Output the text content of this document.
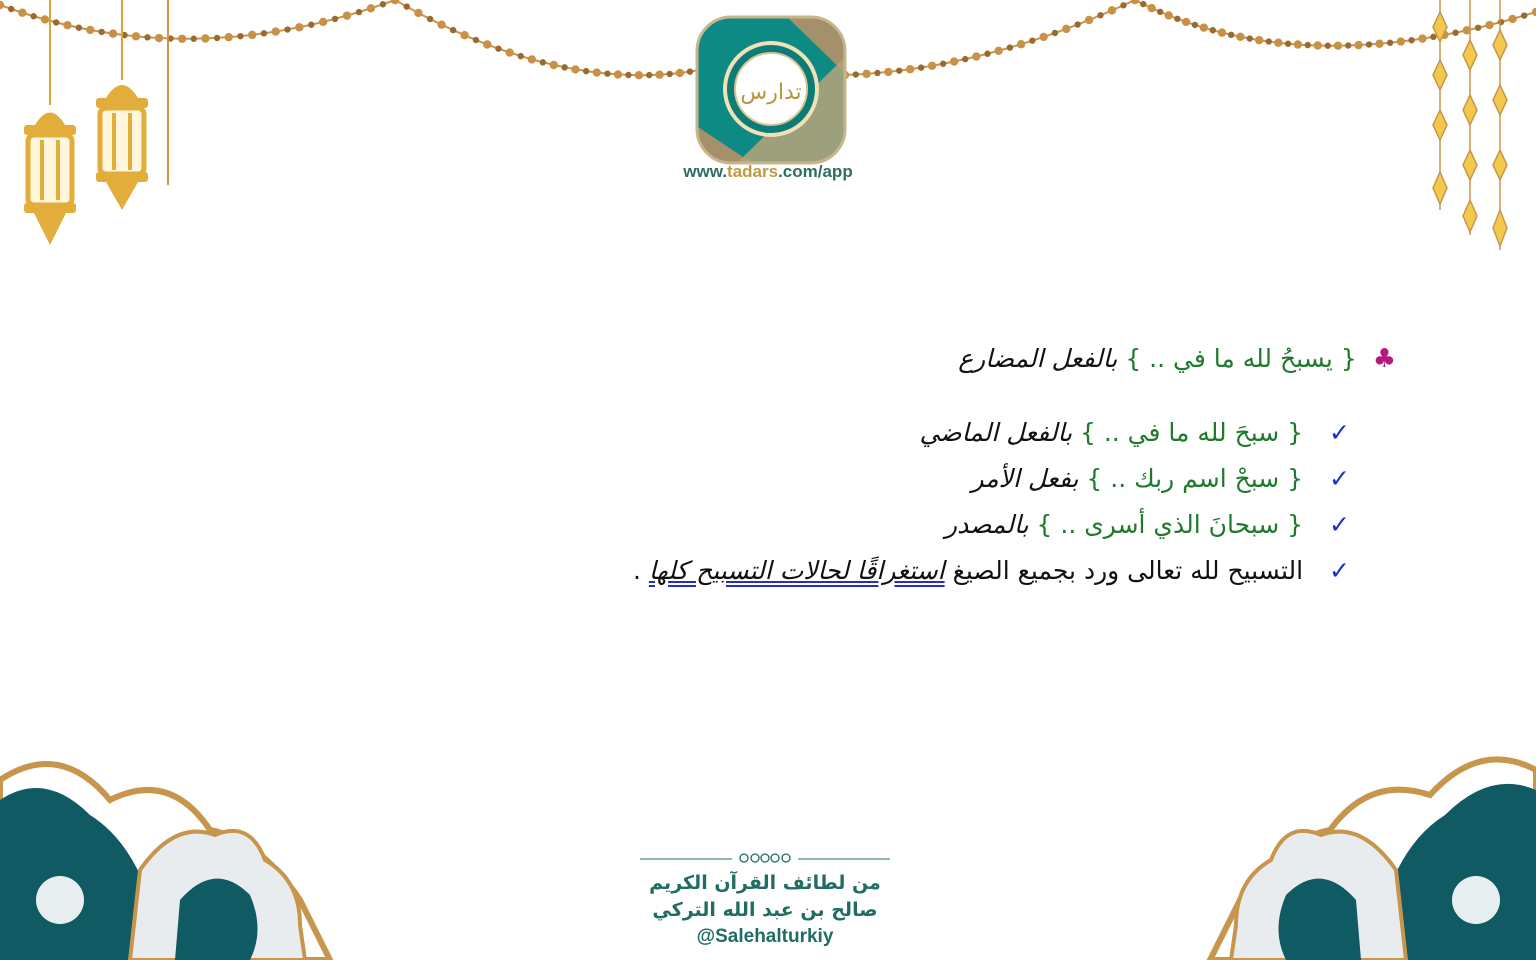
تدارس
www.tadars.com/app
♣ { يسبحُ لله ما في .. } بالفعل المضارع
✓ { سبحَ لله ما في .. } بالفعل الماضي
✓ { سبحْ اسم ربك .. } بفعل الأمر
✓ { سبحانَ الذي أسرى .. } بالمصدر
✓ التسبيح لله تعالى ورد بجميع الصيغ استغراقًا لحالات التسبيح كلها .
من لطائف القرآن الكريم
صالح بن عبد الله التركي
@Salehalturkiy
